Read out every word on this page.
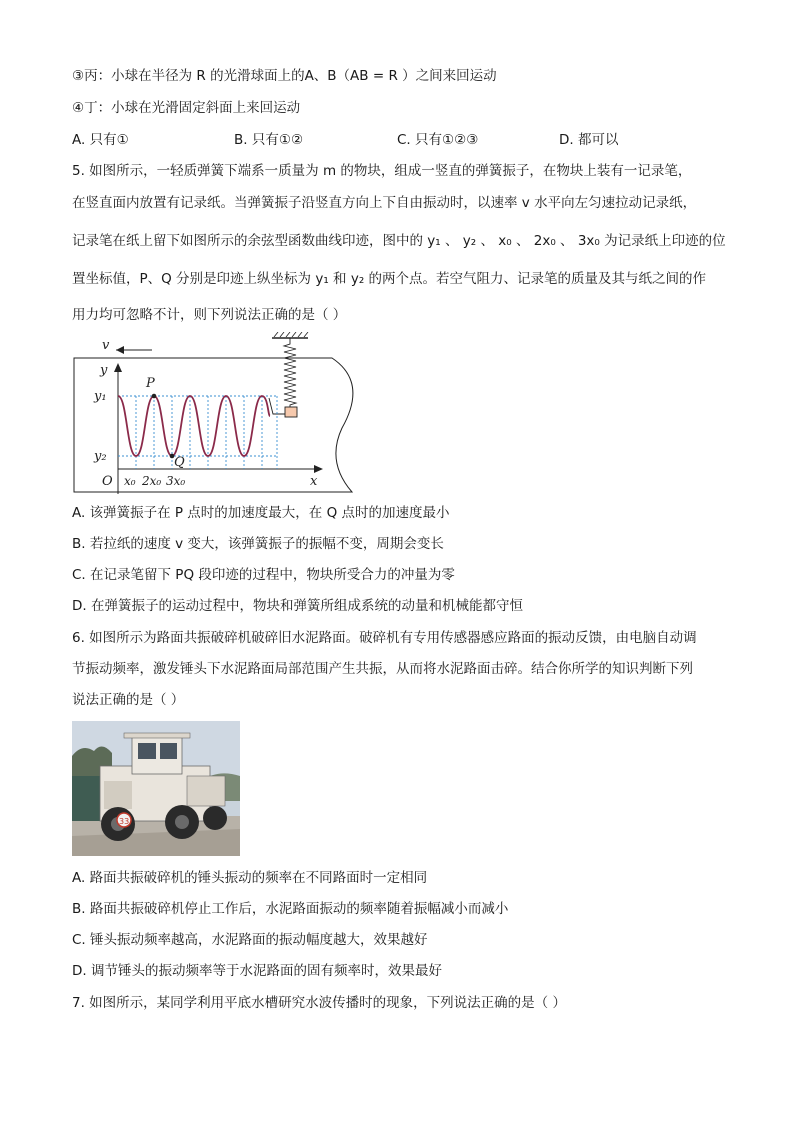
③丙：小球在半径为 R 的光滑球面上的A、B（AB = R ）之间来回运动
④丁：小球在光滑固定斜面上来回运动
A. 只有①	B. 只有①②	C. 只有①②③	D. 都可以
5. 如图所示，一轻质弹簧下端系一质量为 m 的物块，组成一竖直的弹簧振子，在物块上装有一记录笔，
在竖直面内放置有记录纸。当弹簧振子沿竖直方向上下自由振动时，以速率 v 水平向左匀速拉动记录纸，
记录笔在纸上留下如图所示的余弦型函数曲线印迹，图中的 y₁ 、 y₂ 、 x₀ 、 2x₀ 、 3x₀ 为记录纸上印迹的位
置坐标值，P、Q 分别是印迹上纵坐标为 y₁ 和 y₂ 的两个点。若空气阻力、记录笔的质量及其与纸之间的作
用力均可忽略不计，则下列说法正确的是（ ）
v
y
x
O
y₁
y₂
x₀ 2x₀ 3x₀
P
Q
A. 该弹簧振子在 P 点时的加速度最大，在 Q 点时的加速度最小
B. 若拉纸的速度 v 变大，该弹簧振子的振幅不变，周期会变长
C. 在记录笔留下 PQ 段印迹的过程中，物块所受合力的冲量为零
D. 在弹簧振子的运动过程中，物块和弹簧所组成系统的动量和机械能都守恒
6. 如图所示为路面共振破碎机破碎旧水泥路面。破碎机有专用传感器感应路面的振动反馈，由电脑自动调
节振动频率，激发锤头下水泥路面局部范围产生共振，从而将水泥路面击碎。结合你所学的知识判断下列
说法正确的是（ ）
33
A. 路面共振破碎机的锤头振动的频率在不同路面时一定相同
B. 路面共振破碎机停止工作后，水泥路面振动的频率随着振幅减小而减小
C. 锤头振动频率越高，水泥路面的振动幅度越大，效果越好
D. 调节锤头的振动频率等于水泥路面的固有频率时，效果最好
7. 如图所示，某同学利用平底水槽研究水波传播时的现象，下列说法正确的是（ ）
